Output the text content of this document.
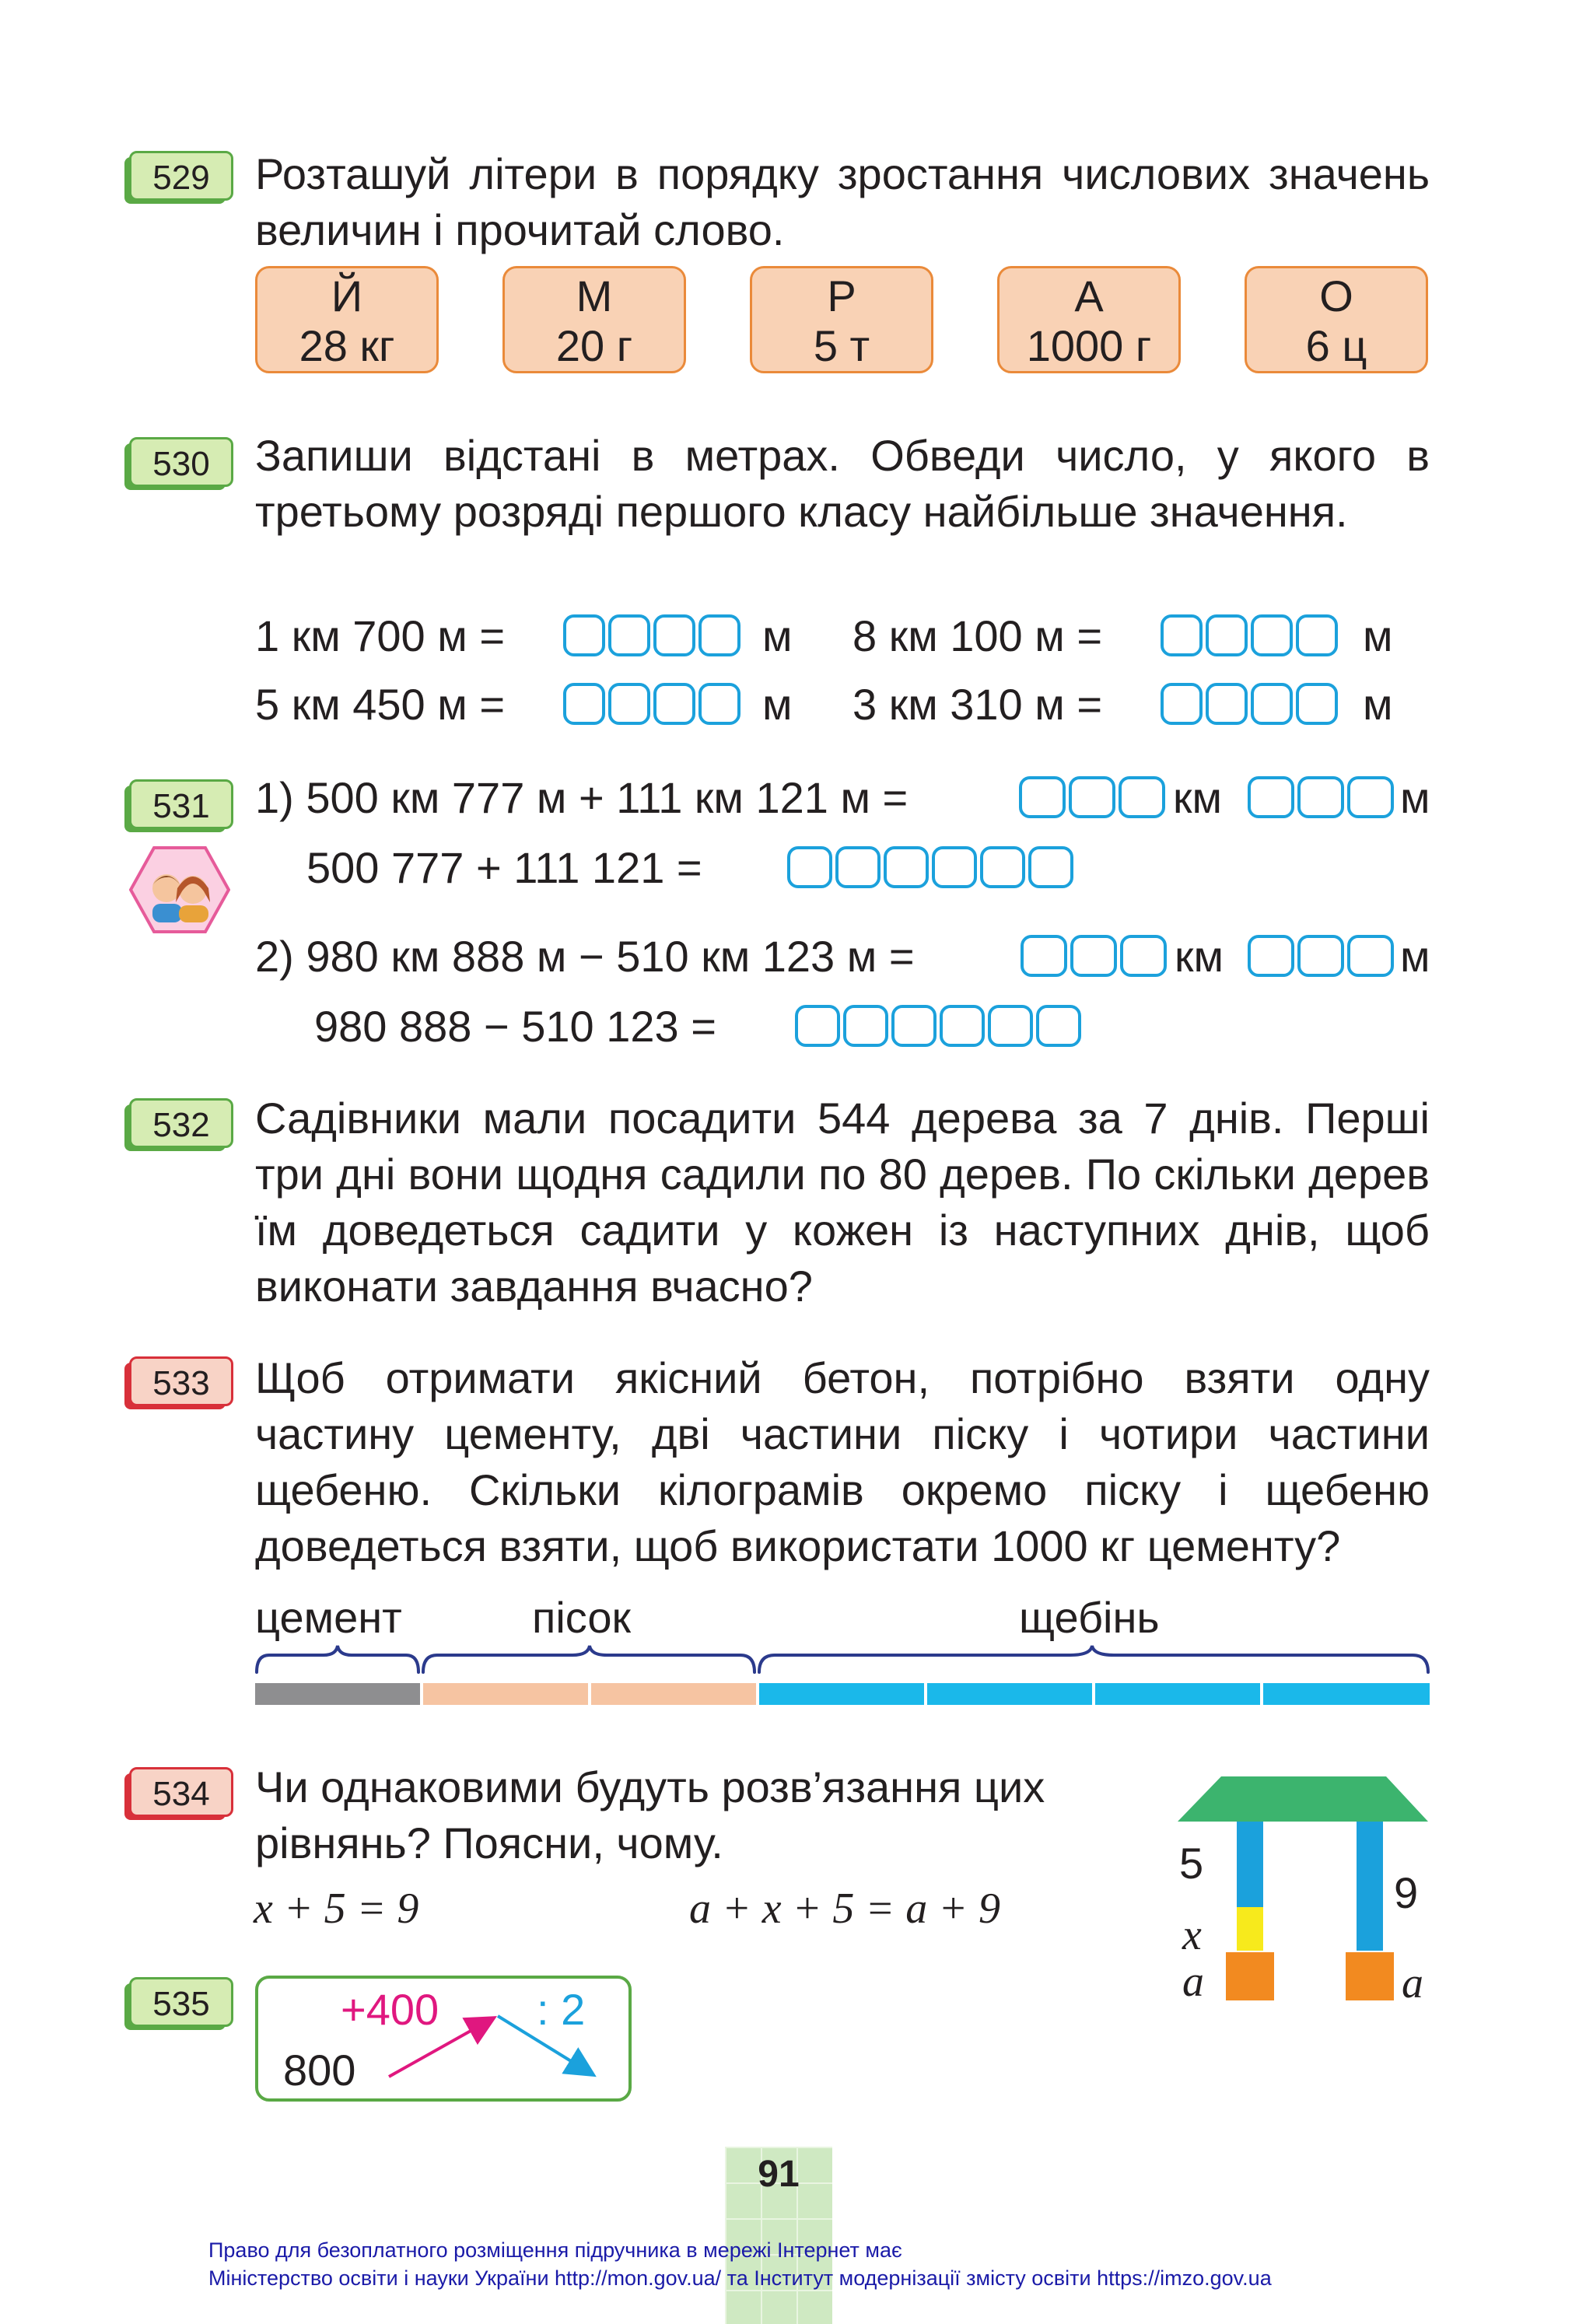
529	Розташуй літери в порядку зростання числових значень величин і прочитай слово.
Й
28 кг
М
20 г
Р
5 т
А
1000 г
О
6 ц
530	Запиши відстані в метрах. Обведи число, у якого в третьому розряді першого класу найбільше значення.
1 км 700 м =	м 8 км 100 м =	м
5 км 450 м =	м 3 км 310 м =	м
531	1) 500 км 777 м + 111 км 121 м =	км	м
500 777 + 111 121 =
2) 980 км 888 м − 510 км 123 м =	км	м
980 888 − 510 123 =
532	Садівники мали посадити 544 дерева за 7 днів. Перші три дні вони щодня садили по 80 дерев. По скільки дерев їм доведеться садити у кожен із наступних днів, щоб виконати завдання вчасно?
533	Щоб отримати якісний бетон, потрібно взяти одну частину цементу, дві частини піску і чотири частини щебеню. Скільки кілограмів окремо піску і щебеню доведеться взяти, щоб використати 1000 кг цементу?
цемент	пісок	щебінь
534	Чи однаковими будуть розв’язання цих рівнянь? Поясни, чому.
x + 5 = 9	a + x + 5 = a + 9
5
x
a
9
a
535
800
+400 : 2
91
Право для безоплатного розміщення підручника в мережі Інтернет має
Міністерство освіти і науки України http://mon.gov.ua/ та Інститут модернізації змісту освіти https://imzo.gov.ua
